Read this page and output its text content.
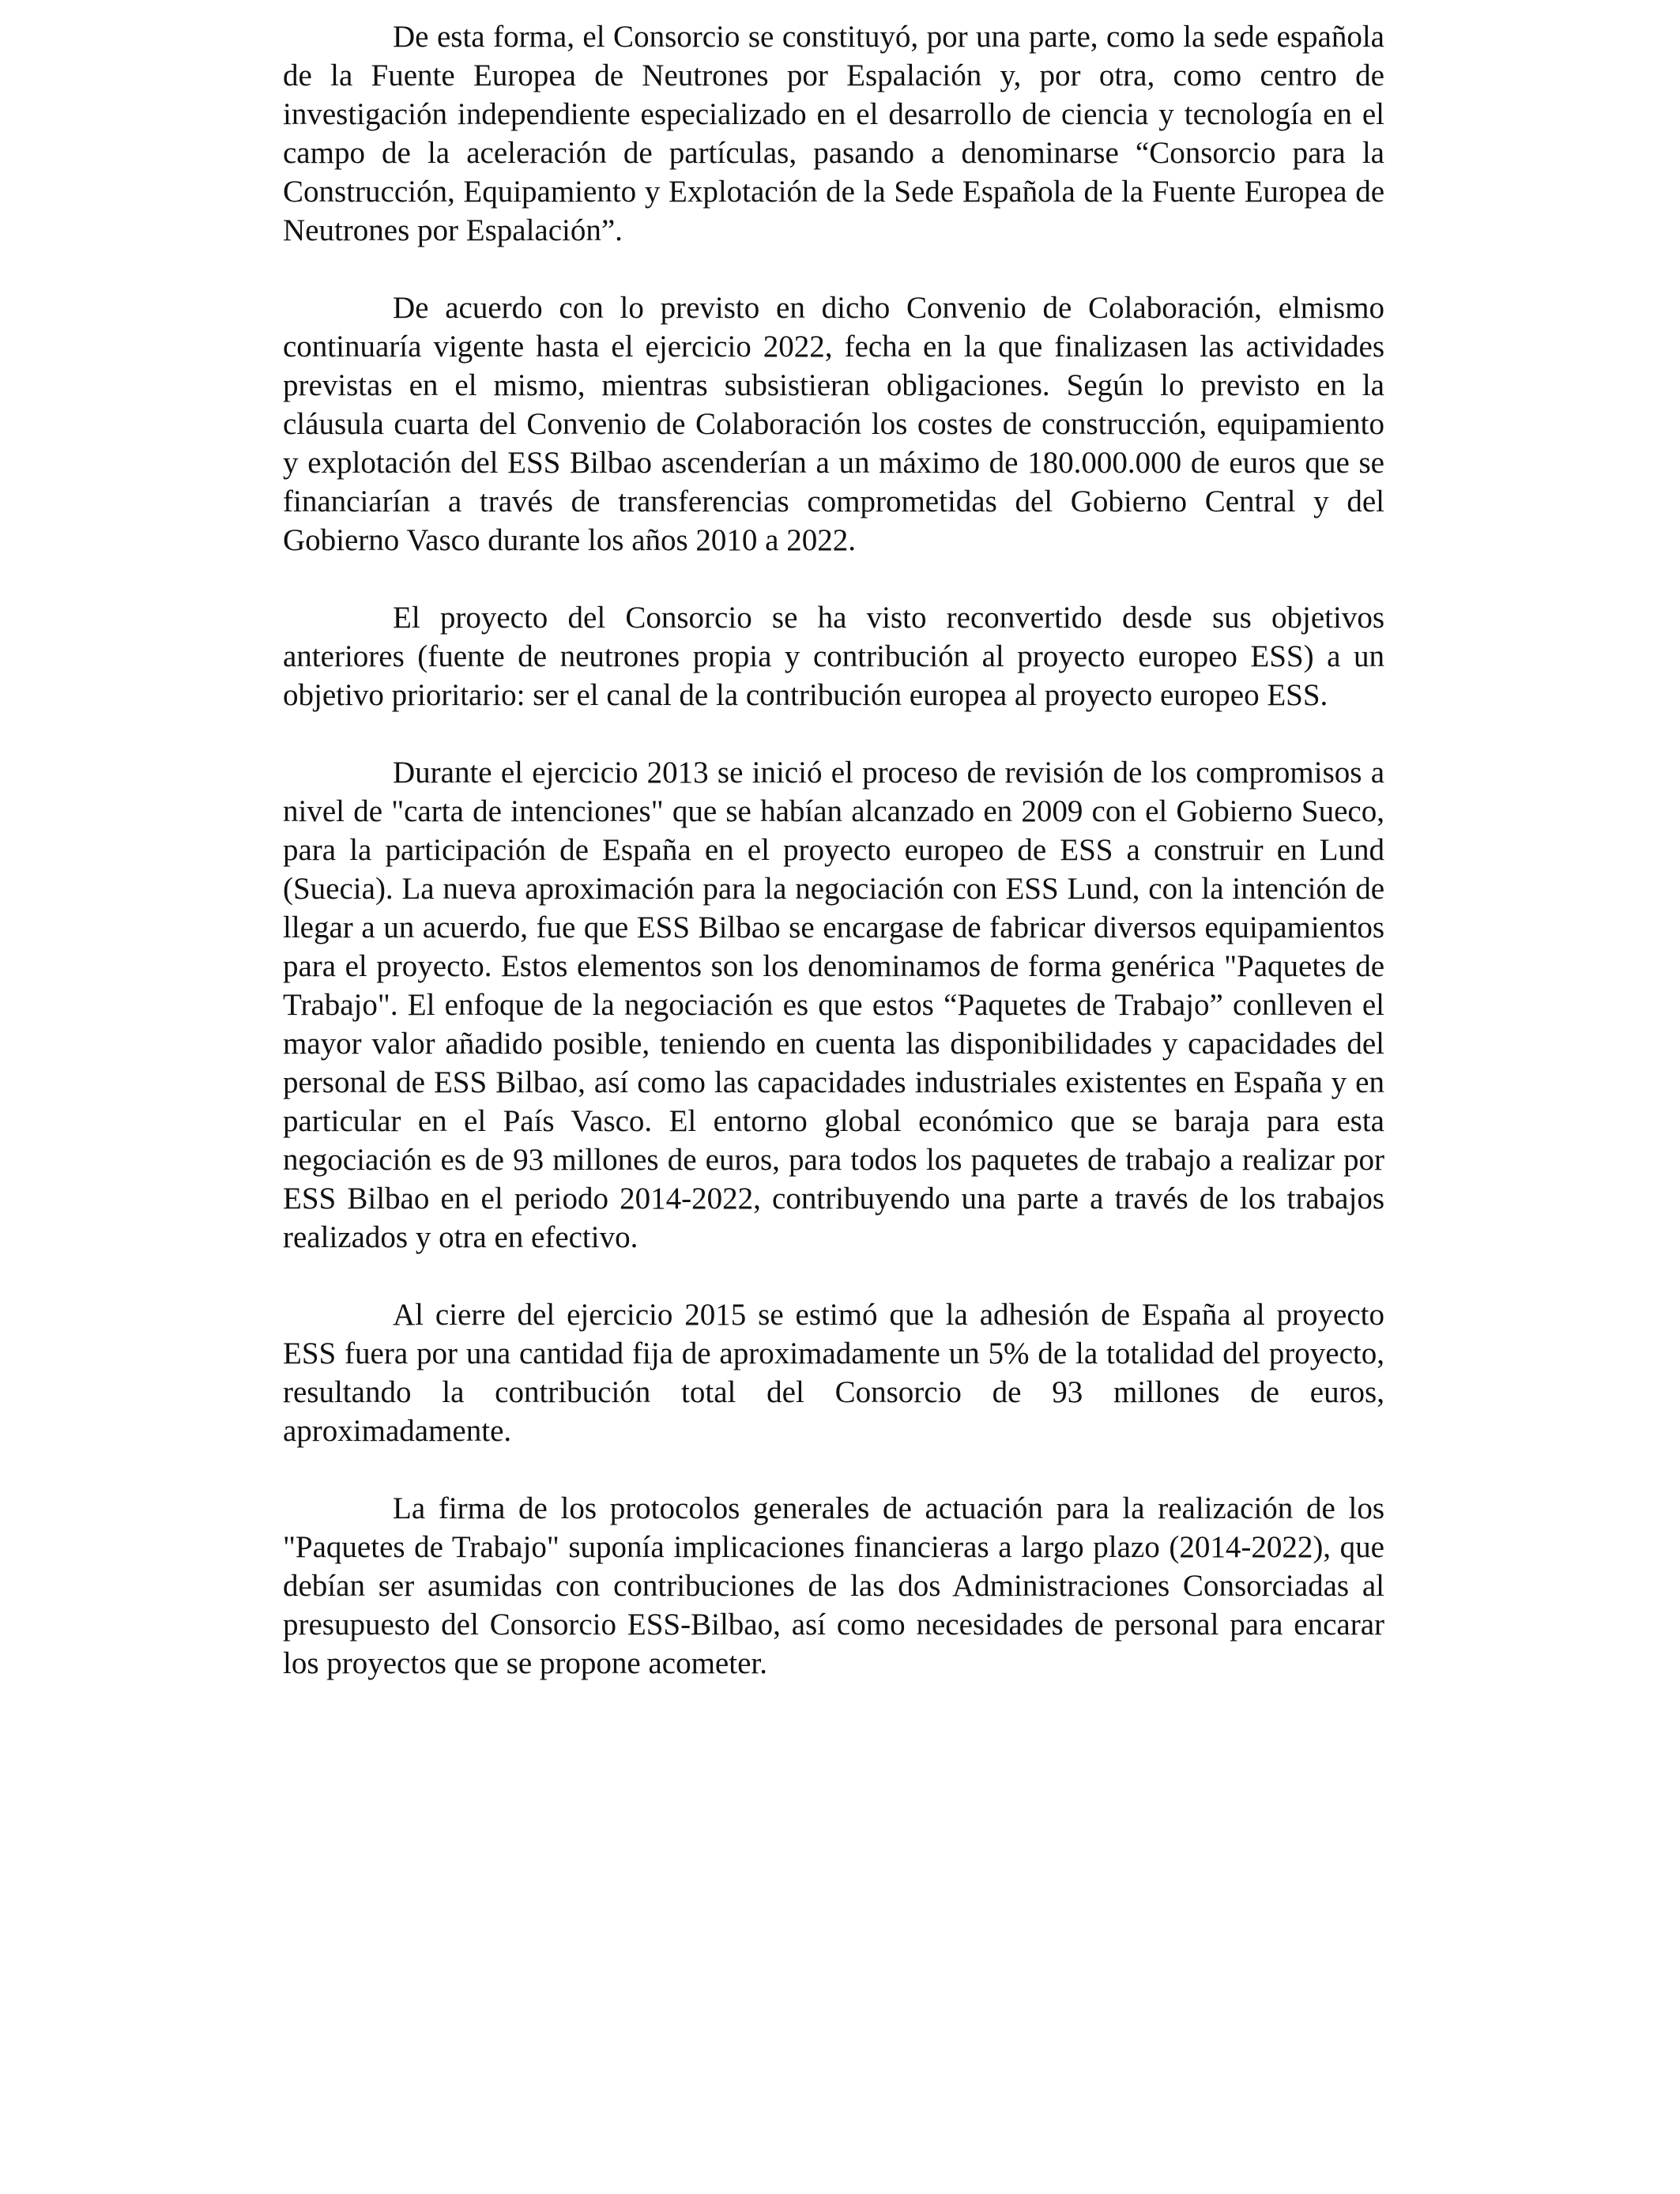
De esta forma, el Consorcio se constituyó, por una parte, como la sede española de la Fuente Europea de Neutrones por Espalación y, por otra, como centro de investigación independiente especializado en el desarrollo de ciencia y tecnología en el campo de la aceleración de partículas, pasando a denominarse “Consorcio para la Construcción, Equipamiento y Explotación de la Sede Española de la Fuente Europea de Neutrones por Espalación”.

De acuerdo con lo previsto en dicho Convenio de Colaboración, elmismo continuaría vigente hasta el ejercicio 2022, fecha en la que finalizasen las actividades previstas en el mismo, mientras subsistieran obligaciones. Según lo previsto en la cláusula cuarta del Convenio de Colaboración los costes de construcción, equipamiento y explotación del ESS Bilbao ascenderían a un máximo de 180.000.000 de euros que se financiarían a través de transferencias comprometidas del Gobierno Central y del Gobierno Vasco durante los años 2010 a 2022.

El proyecto del Consorcio se ha visto reconvertido desde sus objetivos anteriores (fuente de neutrones propia y contribución al proyecto europeo ESS) a un objetivo prioritario: ser el canal de la contribución europea al proyecto europeo ESS.

Durante el ejercicio 2013 se inició el proceso de revisión de los compromisos a nivel de "carta de intenciones" que se habían alcanzado en 2009 con el Gobierno Sueco, para la participación de España en el proyecto europeo de ESS a construir en Lund (Suecia). La nueva aproximación para la negociación con ESS Lund, con la intención de llegar a un acuerdo, fue que ESS Bilbao se encargase de fabricar diversos equipamientos para el proyecto. Estos elementos son los denominamos de forma genérica "Paquetes de Trabajo". El enfoque de la negociación es que estos “Paquetes de Trabajo” conlleven el mayor valor añadido posible, teniendo en cuenta las disponibilidades y capacidades del personal de ESS Bilbao, así como las capacidades industriales existentes en España y en particular en el País Vasco. El entorno global económico que se baraja para esta negociación es de 93 millones de euros, para todos los paquetes de trabajo a realizar por ESS Bilbao en el periodo 2014-2022, contribuyendo una parte a través de los trabajos realizados y otra en efectivo.

Al cierre del ejercicio 2015 se estimó que la adhesión de España al proyecto ESS fuera por una cantidad fija de aproximadamente un 5% de la totalidad del proyecto, resultando la contribución total del Consorcio de 93 millones de euros, aproximadamente.

La firma de los protocolos generales de actuación para la realización de los "Paquetes de Trabajo" suponía implicaciones financieras a largo plazo (2014-2022), que debían ser asumidas con contribuciones de las dos Administraciones Consorciadas al presupuesto del Consorcio ESS-Bilbao, así como necesidades de personal para encarar los proyectos que se propone acometer.
